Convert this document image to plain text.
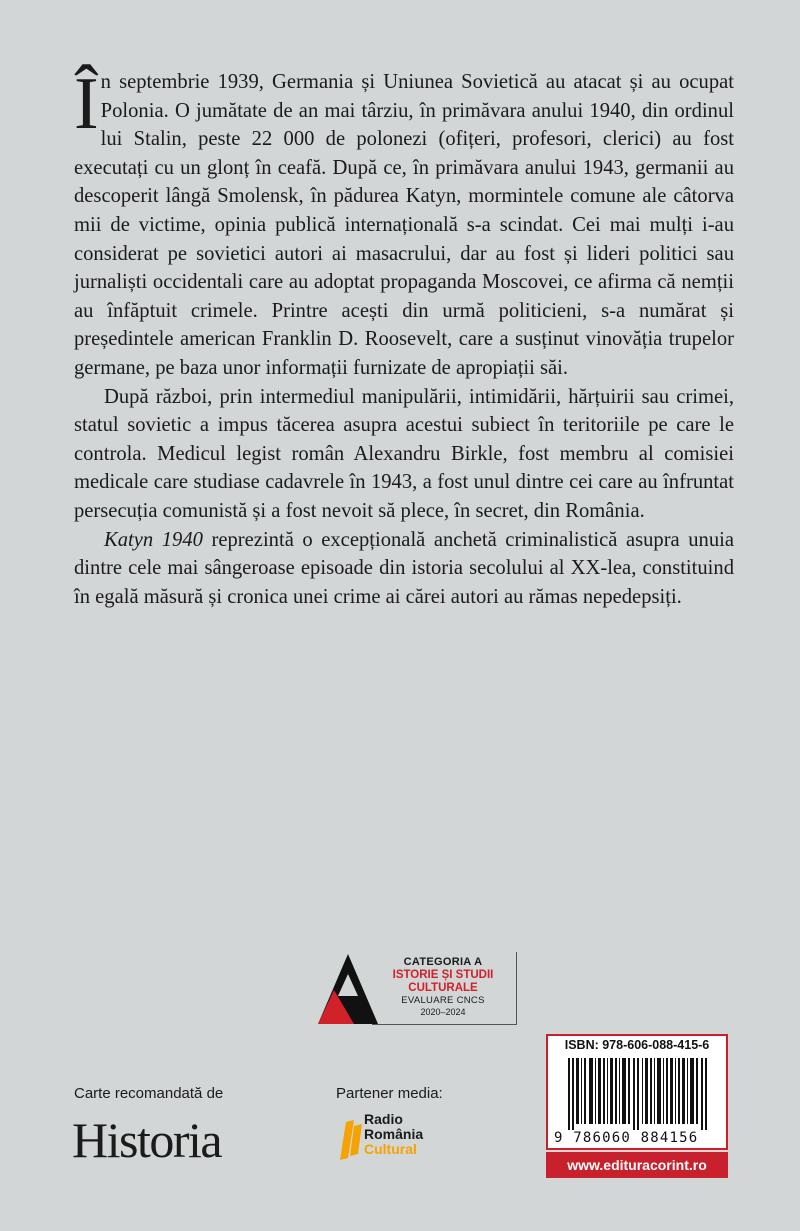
În septembrie 1939, Germania și Uniunea Sovietică au atacat și au ocupat Polonia. O jumătate de an mai târziu, în primăvara anului 1940, din ordinul lui Stalin, peste 22 000 de polonezi (ofițeri, profesori, clerici) au fost executați cu un glonț în ceafă. După ce, în primăvara anului 1943, germanii au descoperit lângă Smolensk, în pădurea Katyn, mormintele comune ale câtorva mii de victime, opinia publică internațională s-a scindat. Cei mai mulți i-au considerat pe sovietici autori ai masacrului, dar au fost și lideri politici sau jurnaliști occidentali care au adoptat propaganda Moscovei, ce afirma că nemții au înfăptuit crimele. Printre acești din urmă politicieni, s-a numărat și președintele american Franklin D. Roosevelt, care a susținut vinovăția trupelor germane, pe baza unor informații furnizate de apropiații săi.

După război, prin intermediul manipulării, intimidării, hărțuirii sau crimei, statul sovietic a impus tăcerea asupra acestui subiect în teritoriile pe care le controla. Medicul legist român Alexandru Birkle, fost membru al comisiei medicale care studiase cadavrele în 1943, a fost unul dintre cei care au înfruntat persecuția comunistă și a fost nevoit să plece, în secret, din România.

Katyn 1940 reprezintă o excepțională anchetă criminalistică asupra unuia dintre cele mai sângeroase episoade din istoria secolului al XX-lea, constituind în egală măsură și cronica unei crime ai cărei autori au rămas nepedepsiți.

CATEGORIA A
ISTORIE ȘI STUDII
CULTURALE
EVALUARE CNCS
2020–2024
Carte recomandată de
Historia
Partener media:
Radio
România
Cultural
ISBN: 978-606-088-415-6
9 786060 884156
www.edituracorint.ro
